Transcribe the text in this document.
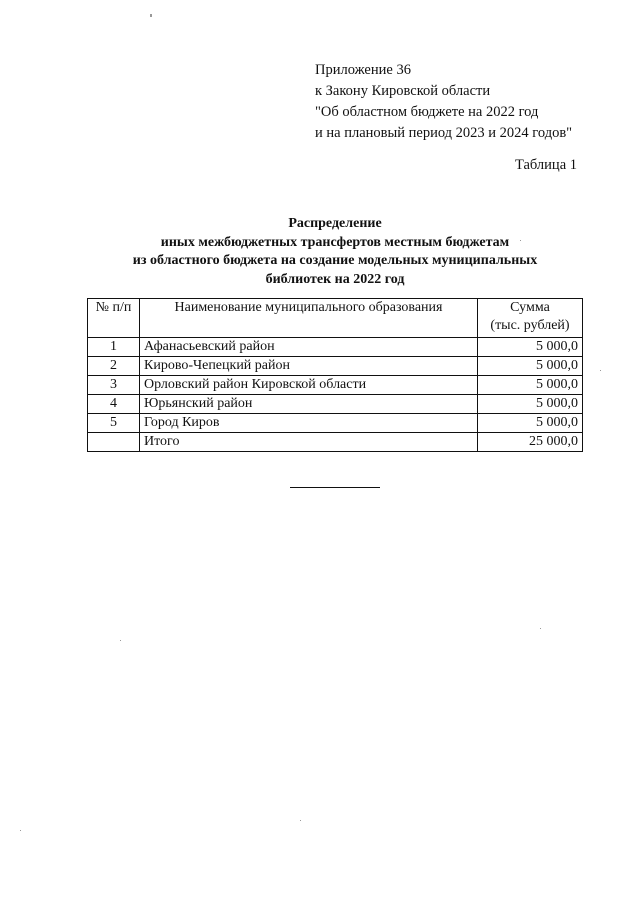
Приложение 36
к Закону Кировской области
"Об областном бюджете на 2022 год
и на плановый период 2023 и 2024 годов"
Таблица 1
Распределение
иных межбюджетных трансфертов местным бюджетам
из областного бюджета на создание модельных муниципальных
библиотек на 2022 год
№ п/п	Наименование муниципального образования	Сумма
(тыс. рублей)

1	Афанасьевский район	5 000,0
2	Кирово-Чепецкий район	5 000,0
3	Орловский район Кировской области	5 000,0
4	Юрьянский район	5 000,0
5	Город Киров	5 000,0
	Итого	25 000,0
